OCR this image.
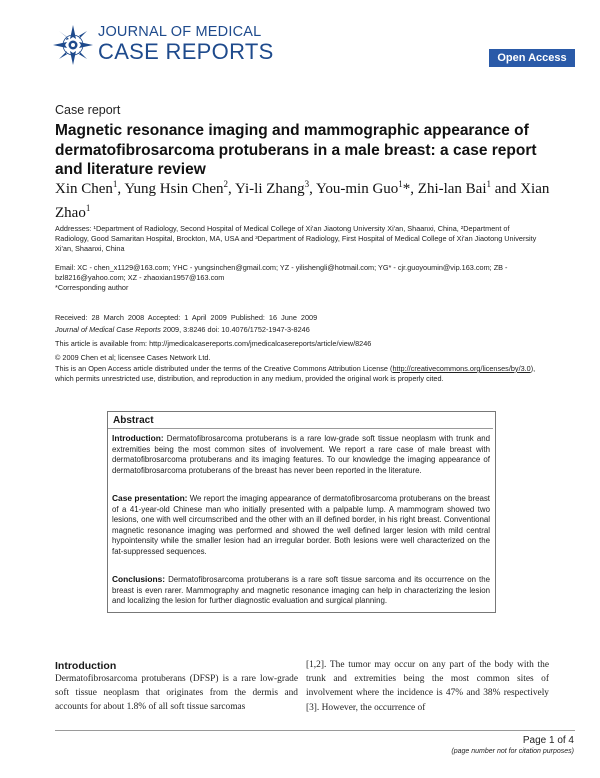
JOURNAL OF MEDICAL
CASE REPORTS	Open Access
Case report
Magnetic resonance imaging and mammographic appearance of dermatofibrosarcoma protuberans in a male breast: a case report and literature review
Xin Chen$^1$, Yung Hsin Chen$^2$, Yi-li Zhang$^3$, You-min Guo$^1$*, Zhi-lan Bai$^1$ and Xian Zhao$^1$
Addresses: ¹Department of Radiology, Second Hospital of Medical College of Xi'an Jiaotong University Xi'an, Shaanxi, China, ²Department of Radiology, Good Samaritan Hospital, Brockton, MA, USA and ³Department of Radiology, First Hospital of Medical College of Xi'an Jiaotong University Xi'an, Shaanxi, China
Email: XC - chen_x1129@163.com; YHC - yungsinchen@gmail.com; YZ - yilishengli@hotmail.com; YG* - cjr.guoyoumin@vip.163.com; ZB - bzl8216@yahoo.com; XZ - zhaoxian1957@163.com
*Corresponding author
Received: 28 March 2008 Accepted: 1 April 2009 Published: 16 June 2009
Journal of Medical Case Reports 2009, 3:8246 doi: 10.4076/1752-1947-3-8246
This article is available from: http://jmedicalcasereports.com/jmedicalcasereports/article/view/8246
© 2009 Chen et al; licensee Cases Network Ltd.
This is an Open Access article distributed under the terms of the Creative Commons Attribution License (http://creativecommons.org/licenses/by/3.0), which permits unrestricted use, distribution, and reproduction in any medium, provided the original work is properly cited.
Abstract
Introduction: Dermatofibrosarcoma protuberans is a rare low-grade soft tissue neoplasm with trunk and extremities being the most common sites of involvement. We report a rare case of male breast with dermatofibrosarcoma protuberans and its imaging features. To our knowledge the imaging appearance of dermatofibrosarcoma protuberans of the breast has never been reported in the literature.
Case presentation: We report the imaging appearance of dermatofibrosarcoma protuberans on the breast of a 41-year-old Chinese man who initially presented with a palpable lump. A mammogram showed two lesions, one with well circumscribed and the other with an ill defined border, in his right breast. Conventional magnetic resonance imaging was performed and showed the well defined larger lesion with mild central hypointensity while the smaller lesion had an irregular border. Both lesions were well characterized on the fat-suppressed sequences.
Conclusions: Dermatofibrosarcoma protuberans is a rare soft tissue sarcoma and its occurrence on the breast is even rarer. Mammography and magnetic resonance imaging can help in characterizing the lesion and localizing the lesion for further diagnostic evaluation and surgical planning.
Introduction
Dermatofibrosarcoma protuberans (DFSP) is a rare low-grade soft tissue neoplasm that originates from the dermis and accounts for about 1.8% of all soft tissue sarcomas
[1,2]. The tumor may occur on any part of the body with the trunk and extremities being the most common sites of involvement where the incidence is 47% and 38% respectively [3]. However, the occurrence of
Page 1 of 4
(page number not for citation purposes)
